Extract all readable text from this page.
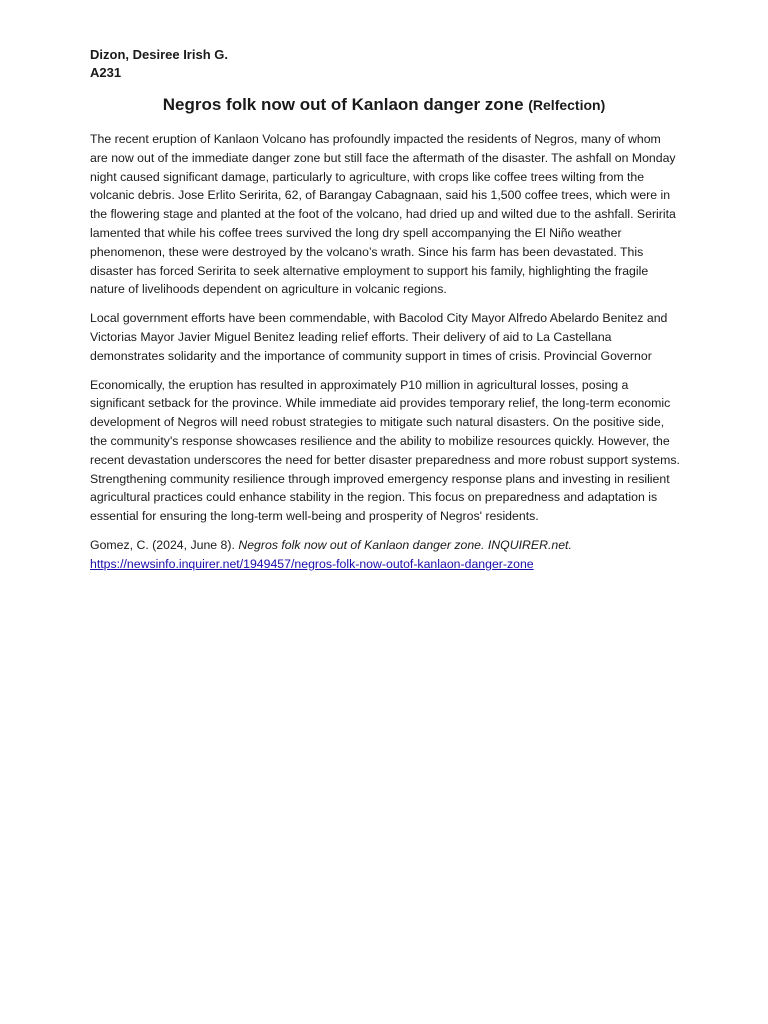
Dizon, Desiree Irish G.
A231
Negros folk now out of Kanlaon danger zone (Relfection)

The recent eruption of Kanlaon Volcano has profoundly impacted the residents of Negros, many of whom are now out of the immediate danger zone but still face the aftermath of the disaster. The ashfall on Monday night caused significant damage, particularly to agriculture, with crops like coffee trees wilting from the volcanic debris. Jose Erlito Seririta, 62, of Barangay Cabagnaan, said his 1,500 coffee trees, which were in the flowering stage and planted at the foot of the volcano, had dried up and wilted due to the ashfall. Seririta lamented that while his coffee trees survived the long dry spell accompanying the El Niño weather phenomenon, these were destroyed by the volcano’s wrath. Since his farm has been devastated. This disaster has forced Seririta to seek alternative employment to support his family, highlighting the fragile nature of livelihoods dependent on agriculture in volcanic regions.

Local government efforts have been commendable, with Bacolod City Mayor Alfredo Abelardo Benitez and Victorias Mayor Javier Miguel Benitez leading relief efforts. Their delivery of aid to La Castellana demonstrates solidarity and the importance of community support in times of crisis. Provincial Governor

Economically, the eruption has resulted in approximately P10 million in agricultural losses, posing a significant setback for the province. While immediate aid provides temporary relief, the long-term economic development of Negros will need robust strategies to mitigate such natural disasters. On the positive side, the community's response showcases resilience and the ability to mobilize resources quickly. However, the recent devastation underscores the need for better disaster preparedness and more robust support systems. Strengthening community resilience through improved emergency response plans and investing in resilient agricultural practices could enhance stability in the region. This focus on preparedness and adaptation is essential for ensuring the long-term well-being and prosperity of Negros' residents.

Gomez, C. (2024, June 8). Negros folk now out of Kanlaon danger zone. INQUIRER.net.
https://newsinfo.inquirer.net/1949457/negros-folk-now-outof-kanlaon-danger-zone
